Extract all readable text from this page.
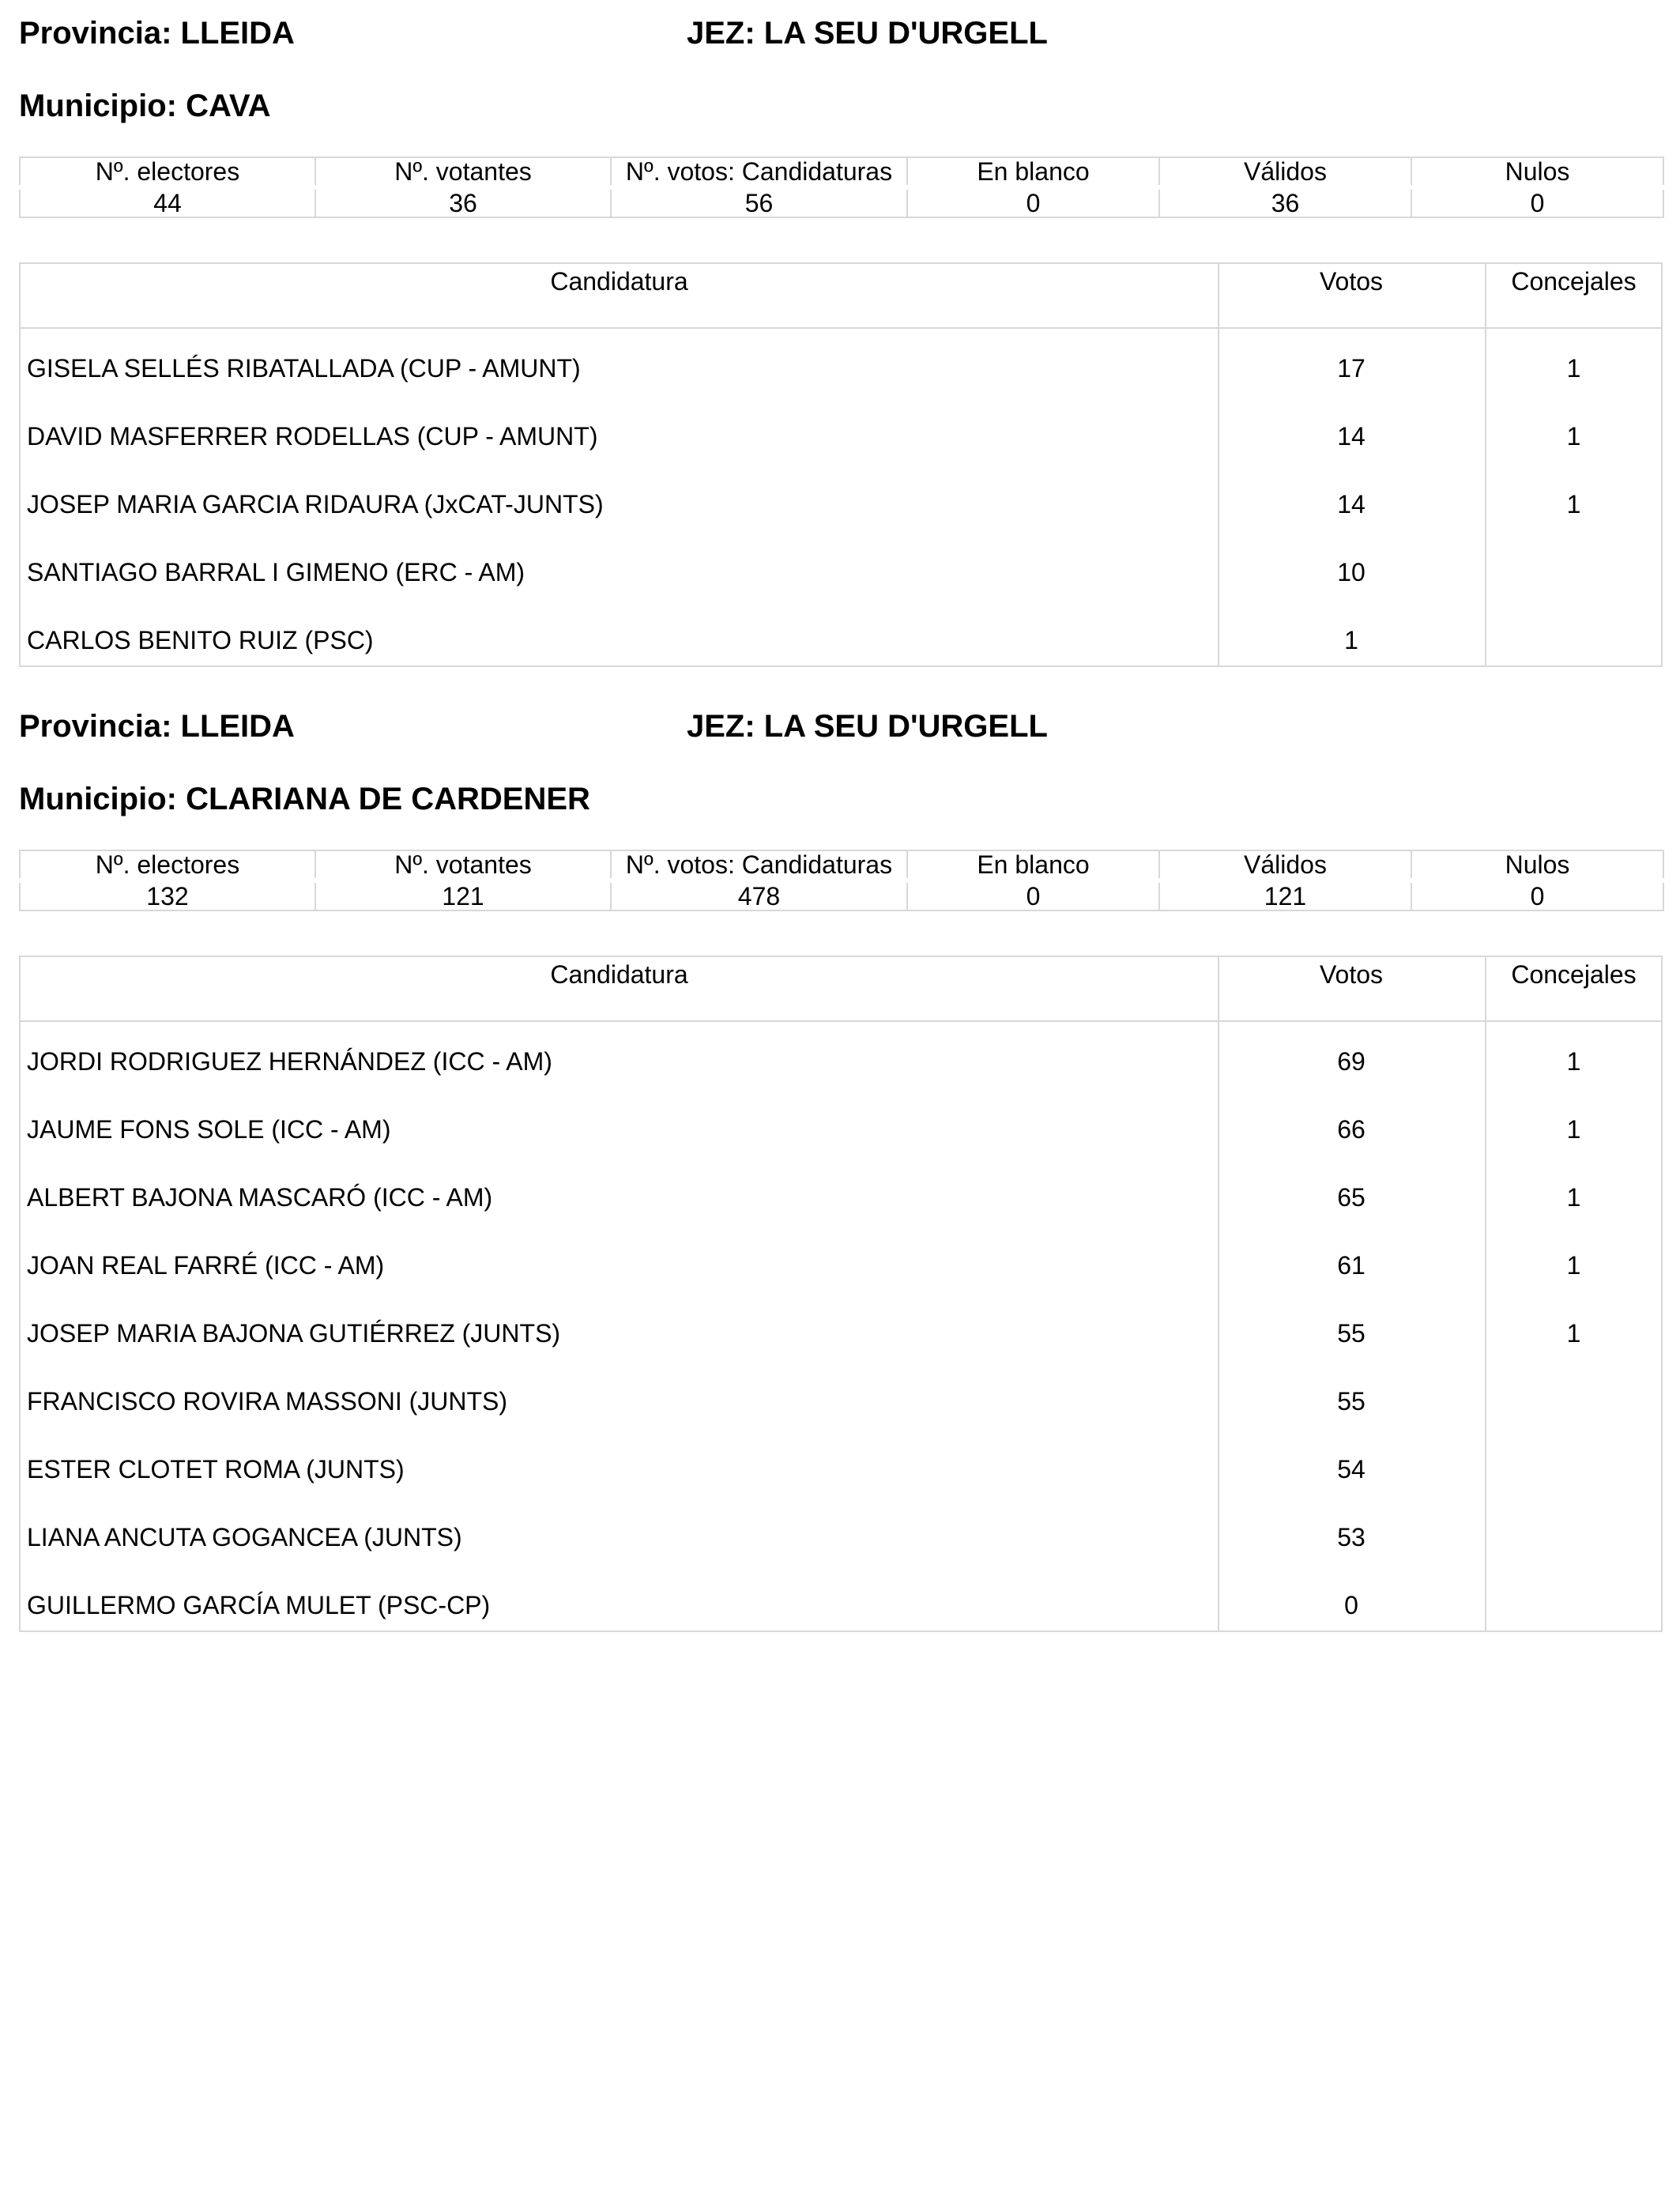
Provincia: LLEIDA	JEZ: LA SEU D'URGELL
Municipio: CAVA
Nº. electores	Nº. votantes	Nº. votos: Candidaturas	En blanco	Válidos	Nulos
44	36	56	0	36	0
Candidatura	Votos	Concejales
GISELA SELLÉS RIBATALLADA (CUP - AMUNT)	17	1
DAVID MASFERRER RODELLAS (CUP - AMUNT)	14	1
JOSEP MARIA GARCIA RIDAURA (JxCAT-JUNTS)	14	1
SANTIAGO BARRAL I GIMENO (ERC - AM)	10
CARLOS BENITO RUIZ (PSC)	1
Provincia: LLEIDA	JEZ: LA SEU D'URGELL
Municipio: CLARIANA DE CARDENER
Nº. electores	Nº. votantes	Nº. votos: Candidaturas	En blanco	Válidos	Nulos
132	121	478	0	121	0
Candidatura	Votos	Concejales
JORDI RODRIGUEZ HERNÁNDEZ (ICC - AM)	69	1
JAUME FONS SOLE (ICC - AM)	66	1
ALBERT BAJONA MASCARÓ (ICC - AM)	65	1
JOAN REAL FARRÉ (ICC - AM)	61	1
JOSEP MARIA BAJONA GUTIÉRREZ (JUNTS)	55	1
FRANCISCO ROVIRA MASSONI (JUNTS)	55
ESTER CLOTET ROMA (JUNTS)	54
LIANA ANCUTA GOGANCEA (JUNTS)	53
GUILLERMO GARCÍA MULET (PSC-CP)	0
